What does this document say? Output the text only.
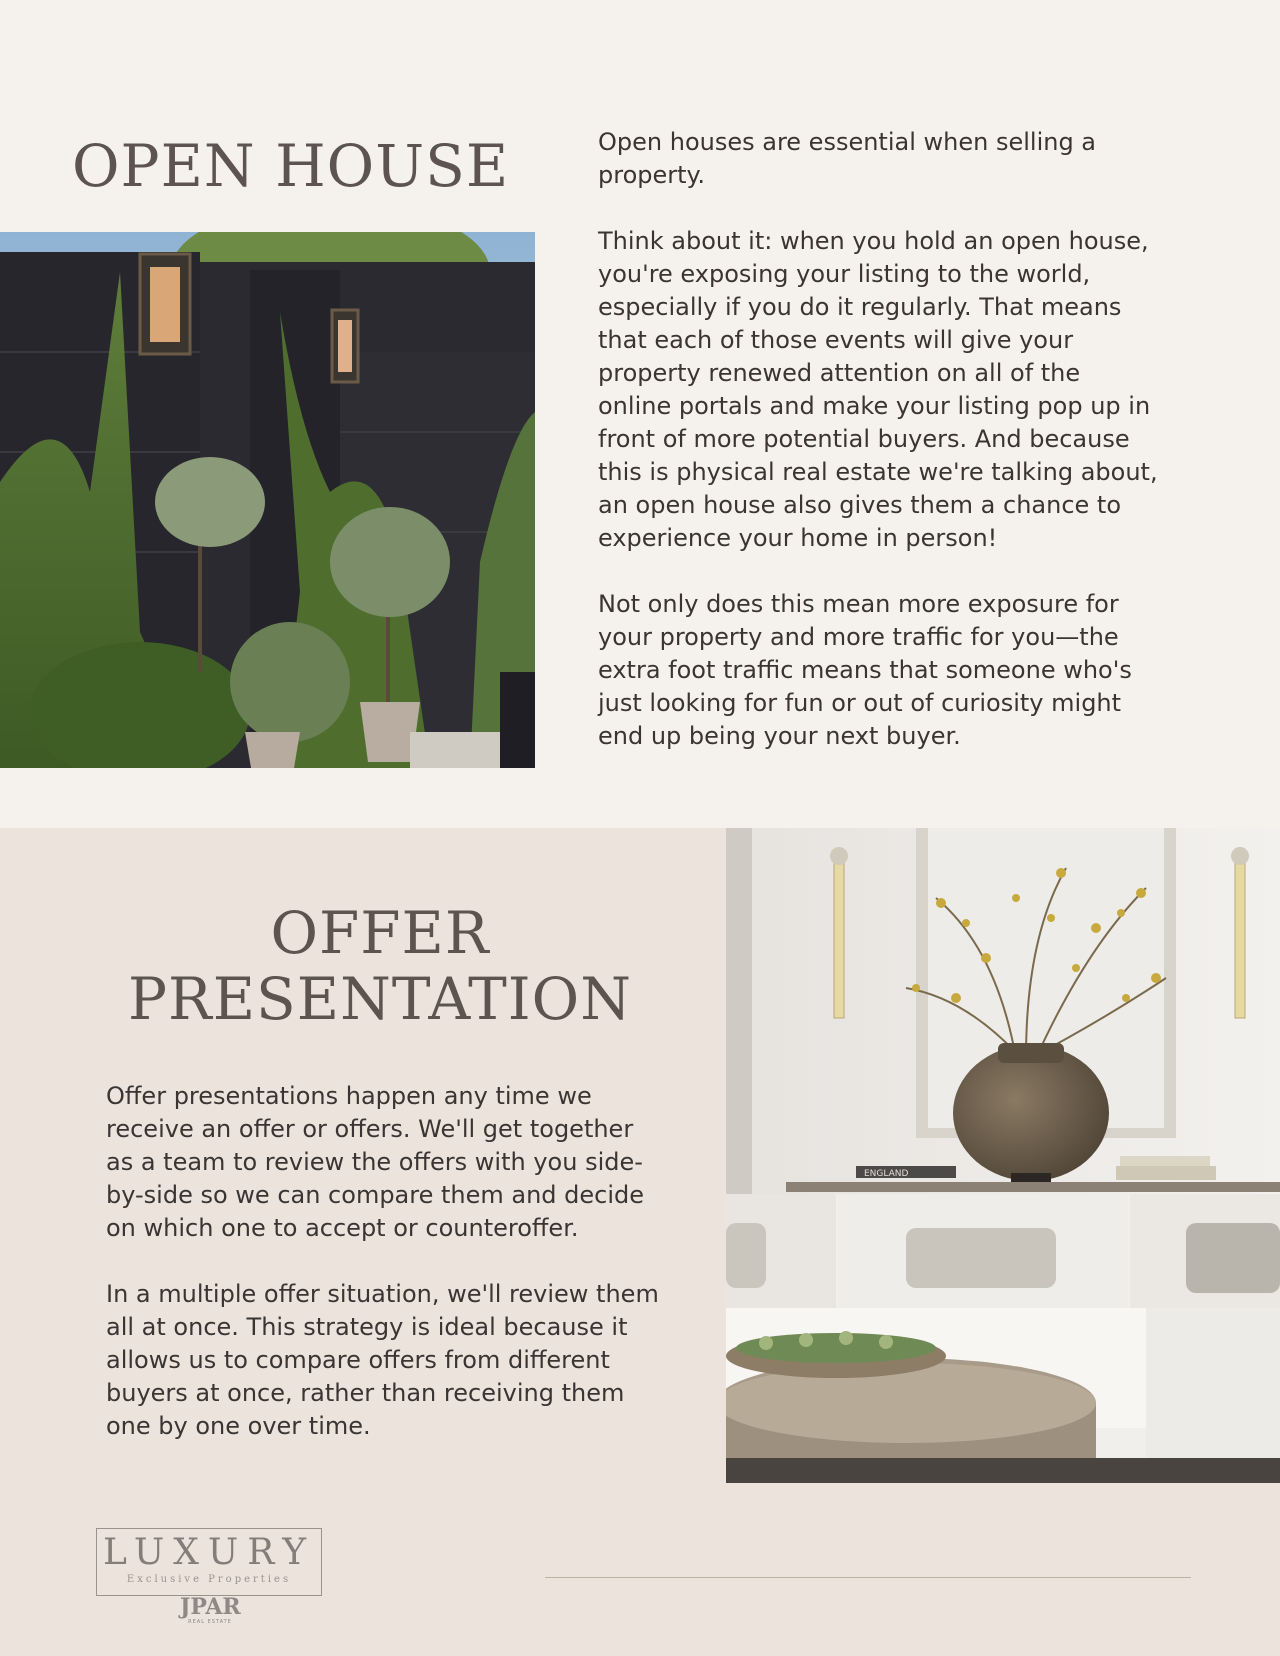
OPEN HOUSE	Open houses are essential when selling a property.

Think about it: when you hold an open house, you're exposing your listing to the world, especially if you do it regularly. That means that each of those events will give your property renewed attention on all of the online portals and make your listing pop up in front of more potential buyers. And because this is physical real estate we're talking about, an open house also gives them a chance to experience your home in person!

Not only does this mean more exposure for your property and more traffic for you—the extra foot traffic means that someone who's just looking for fun or out of curiosity might end up being your next buyer.

OFFER
PRESENTATION

Offer presentations happen any time we receive an offer or offers. We'll get together as a team to review the offers with you side-by-side so we can compare them and decide on which one to accept or counteroffer.

In a multiple offer situation, we'll review them all at once. This strategy is ideal because it allows us to compare offers from different buyers at once, rather than receiving them one by one over time.

ENGLAND
LUXURY
Exclusive Properties
JPAR
REAL ESTATE
